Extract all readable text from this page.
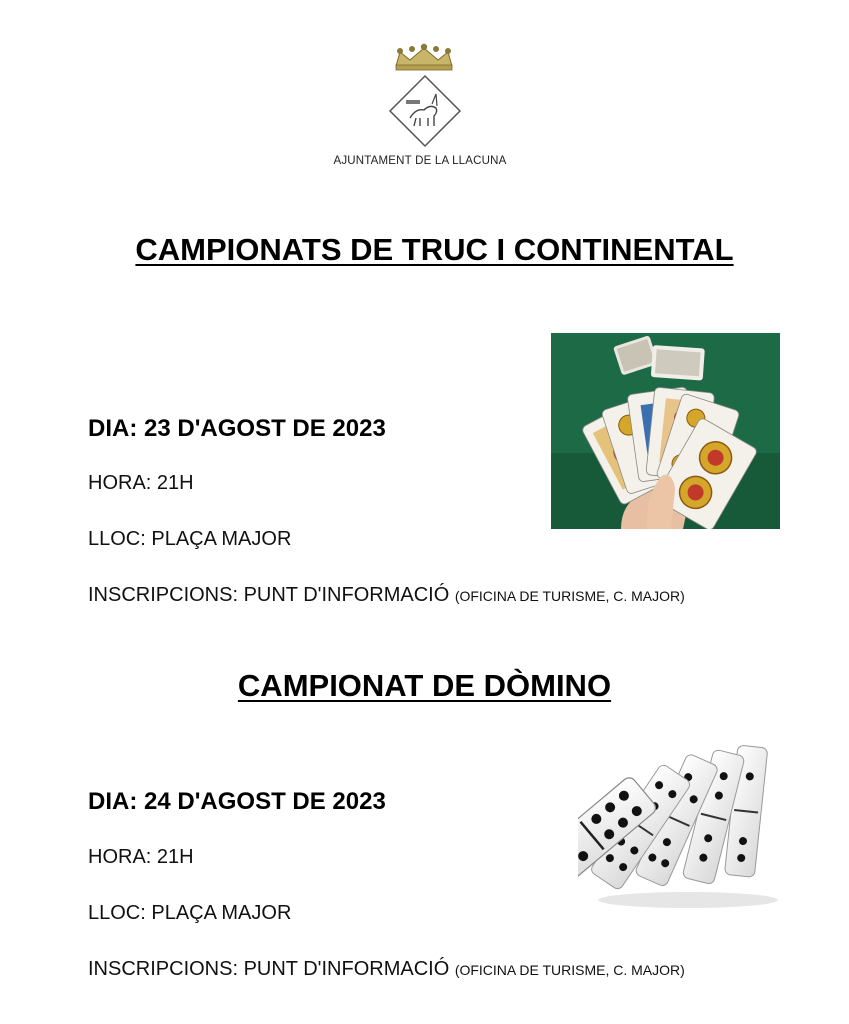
AJUNTAMENT DE LA LLACUNA
CAMPIONATS DE TRUC I CONTINENTAL
DIA: 23 D'AGOST DE 2023
HORA: 21H
LLOC: PLAÇA MAJOR
INSCRIPCIONS: PUNT D'INFORMACIÓ (OFICINA DE TURISME, C. MAJOR)
CAMPIONAT DE DÒMINO
DIA: 24 D'AGOST DE 2023
HORA: 21H
LLOC: PLAÇA MAJOR
INSCRIPCIONS: PUNT D'INFORMACIÓ (OFICINA DE TURISME, C. MAJOR)
